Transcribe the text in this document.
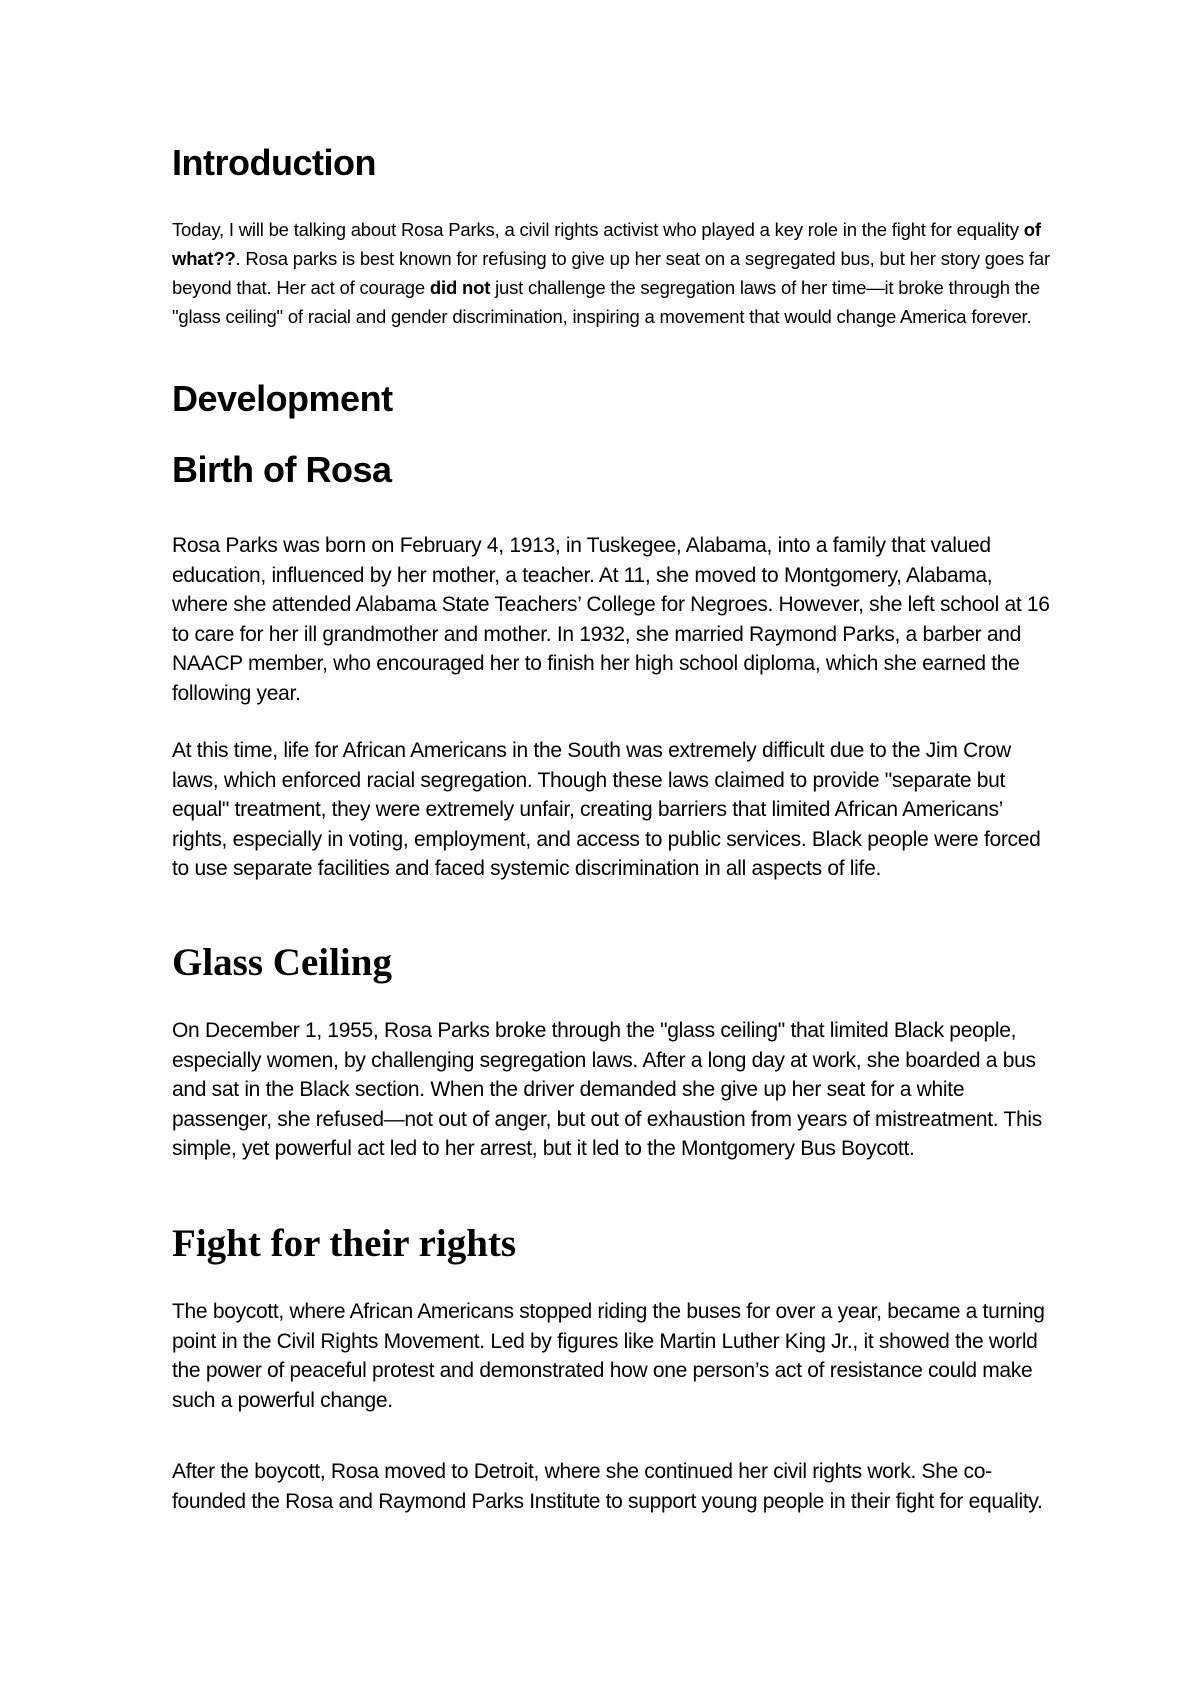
Introduction

Today, I will be talking about Rosa Parks, a civil rights activist who played a key role in the fight for equality of what??. Rosa parks is best known for refusing to give up her seat on a segregated bus, but her story goes far beyond that. Her act of courage did not just challenge the segregation laws of her time—it broke through the "glass ceiling" of racial and gender discrimination, inspiring a movement that would change America forever.

Development
Birth of Rosa

Rosa Parks was born on February 4, 1913, in Tuskegee, Alabama, into a family that valued education, influenced by her mother, a teacher. At 11, she moved to Montgomery, Alabama, where she attended Alabama State Teachers’ College for Negroes. However, she left school at 16 to care for her ill grandmother and mother. In 1932, she married Raymond Parks, a barber and NAACP member, who encouraged her to finish her high school diploma, which she earned the following year.

At this time, life for African Americans in the South was extremely difficult due to the Jim Crow laws, which enforced racial segregation. Though these laws claimed to provide "separate but equal" treatment, they were extremely unfair, creating barriers that limited African Americans’ rights, especially in voting, employment, and access to public services. Black people were forced to use separate facilities and faced systemic discrimination in all aspects of life.

Glass Ceiling

On December 1, 1955, Rosa Parks broke through the "glass ceiling" that limited Black people, especially women, by challenging segregation laws. After a long day at work, she boarded a bus and sat in the Black section. When the driver demanded she give up her seat for a white passenger, she refused—not out of anger, but out of exhaustion from years of mistreatment. This simple, yet powerful act led to her arrest, but it led to the Montgomery Bus Boycott.

Fight for their rights

The boycott, where African Americans stopped riding the buses for over a year, became a turning point in the Civil Rights Movement. Led by figures like Martin Luther King Jr., it showed the world the power of peaceful protest and demonstrated how one person’s act of resistance could make such a powerful change.

After the boycott, Rosa moved to Detroit, where she continued her civil rights work. She co-founded the Rosa and Raymond Parks Institute to support young people in their fight for equality.
